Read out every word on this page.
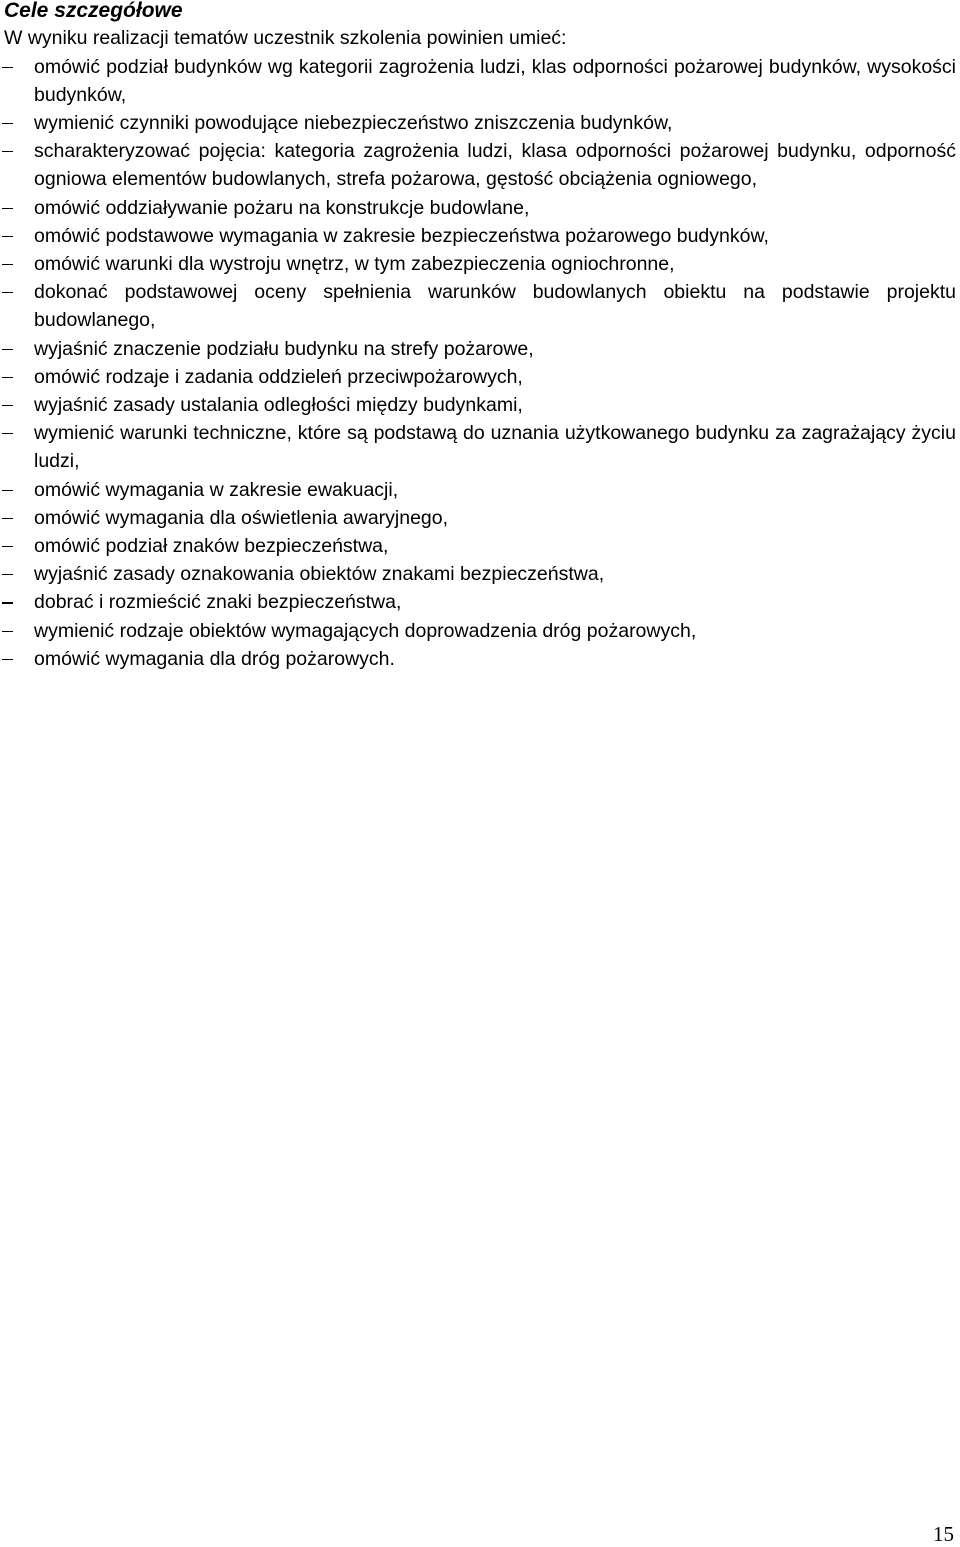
Cele szczegółowe

W wyniku realizacji tematów uczestnik szkolenia powinien umieć:

omówić podział budynków wg kategorii zagrożenia ludzi, klas odporności pożarowej budynków, wysokości budynków,
wymienić czynniki powodujące niebezpieczeństwo zniszczenia budynków,
scharakteryzować pojęcia: kategoria zagrożenia ludzi, klasa odporności pożarowej budynku, odporność ogniowa elementów budowlanych, strefa pożarowa, gęstość obciążenia ogniowego,
omówić oddziaływanie pożaru na konstrukcje budowlane,
omówić podstawowe wymagania w zakresie bezpieczeństwa pożarowego budynków,
omówić warunki dla wystroju wnętrz, w tym zabezpieczenia ogniochronne,
dokonać podstawowej oceny spełnienia warunków budowlanych obiektu na podstawie projektu budowlanego,
wyjaśnić znaczenie podziału budynku na strefy pożarowe,
omówić rodzaje i zadania oddzieleń przeciwpożarowych,
wyjaśnić zasady ustalania odległości między budynkami,
wymienić warunki techniczne, które są podstawą do uznania użytkowanego budynku za zagrażający życiu ludzi,
omówić wymagania w zakresie ewakuacji,
omówić wymagania dla oświetlenia awaryjnego,
omówić podział znaków bezpieczeństwa,
wyjaśnić zasady oznakowania obiektów znakami bezpieczeństwa,
dobrać i rozmieścić znaki bezpieczeństwa,
wymienić rodzaje obiektów wymagających doprowadzenia dróg pożarowych,
omówić wymagania dla dróg pożarowych.
15
